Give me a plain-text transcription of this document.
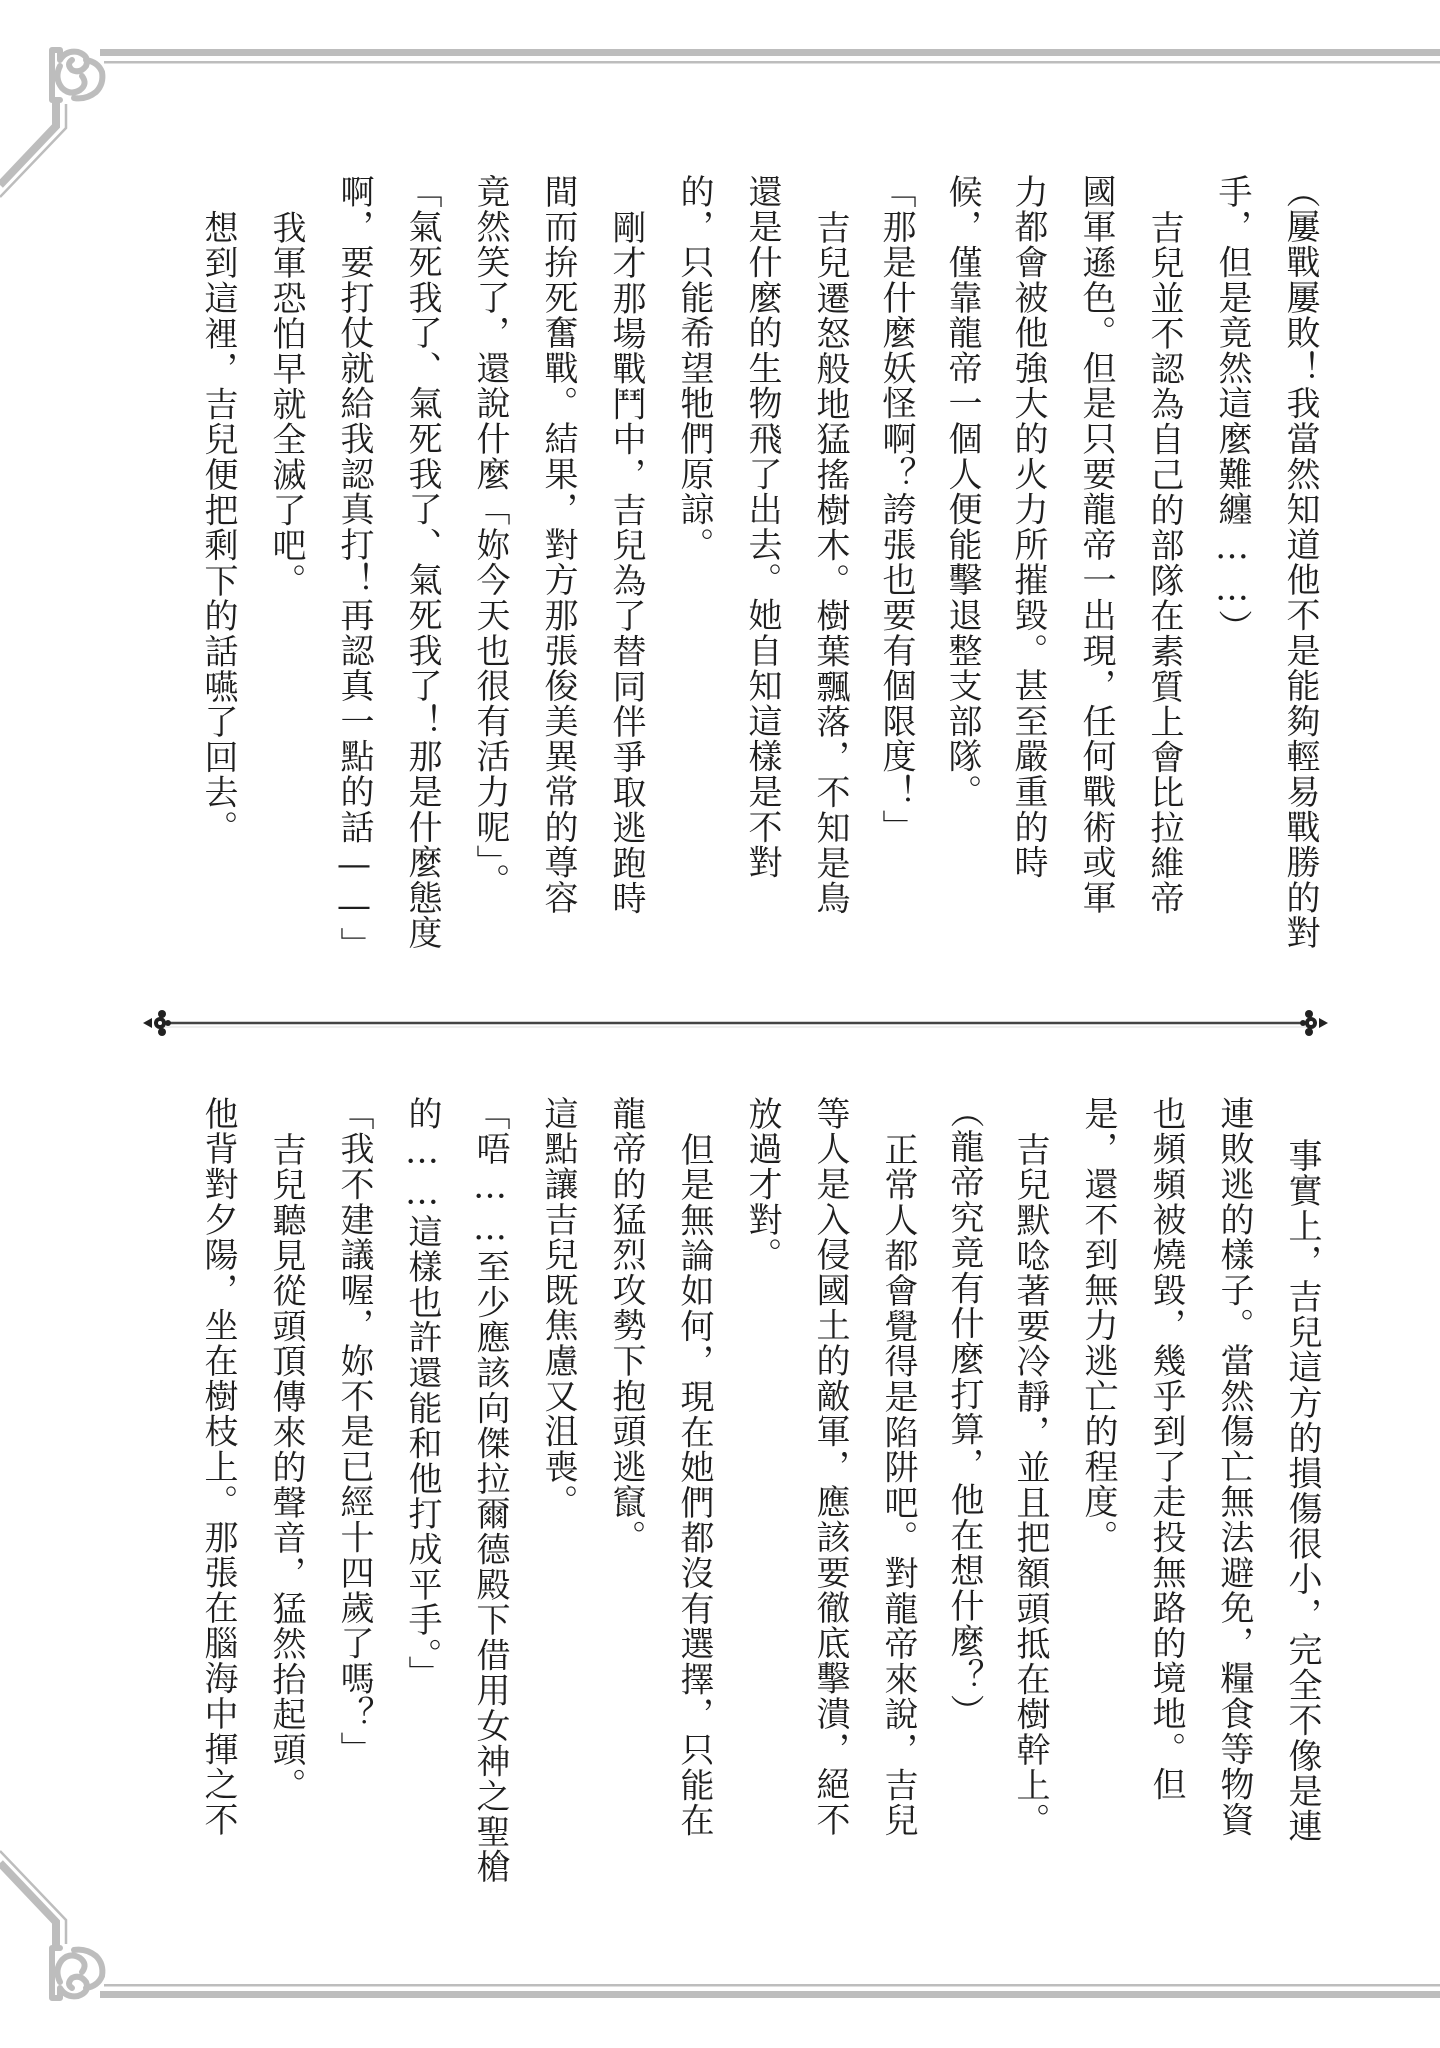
（屢戰屢敗！我當然知道他不是能夠輕易戰勝的對
手，但是竟然這麼難纏……）
吉兒並不認為自己的部隊在素質上會比拉維帝
國軍遜色。但是只要龍帝一出現，任何戰術或軍
力都會被他強大的火力所摧毀。甚至嚴重的時
候，僅靠龍帝一個人便能擊退整支部隊。
「那是什麼妖怪啊？誇張也要有個限度！」
吉兒遷怒般地猛搖樹木。樹葉飄落，不知是鳥
還是什麼的生物飛了出去。她自知這樣是不對
的，只能希望牠們原諒。
剛才那場戰鬥中，吉兒為了替同伴爭取逃跑時
間而拚死奮戰。結果，對方那張俊美異常的尊容
竟然笑了，還說什麼「妳今天也很有活力呢」。
「氣死我了、氣死我了、氣死我了！那是什麼態度
啊，要打仗就給我認真打！再認真一點的話——」
我軍恐怕早就全滅了吧。
想到這裡，吉兒便把剩下的話嚥了回去。
事實上，吉兒這方的損傷很小，完全不像是連
連敗逃的樣子。當然傷亡無法避免，糧食等物資
也頻頻被燒毀，幾乎到了走投無路的境地。但
是，還不到無力逃亡的程度。
吉兒默唸著要冷靜，並且把額頭抵在樹幹上。
（龍帝究竟有什麼打算，他在想什麼？）
正常人都會覺得是陷阱吧。對龍帝來說，吉兒
等人是入侵國土的敵軍，應該要徹底擊潰，絕不
放過才對。
但是無論如何，現在她們都沒有選擇，只能在
龍帝的猛烈攻勢下抱頭逃竄。
這點讓吉兒既焦慮又沮喪。
「唔……至少應該向傑拉爾德殿下借用女神之聖槍
的……這樣也許還能和他打成平手。」
「我不建議喔，妳不是已經十四歲了嗎？」
吉兒聽見從頭頂傳來的聲音，猛然抬起頭。
他背對夕陽，坐在樹枝上。那張在腦海中揮之不
